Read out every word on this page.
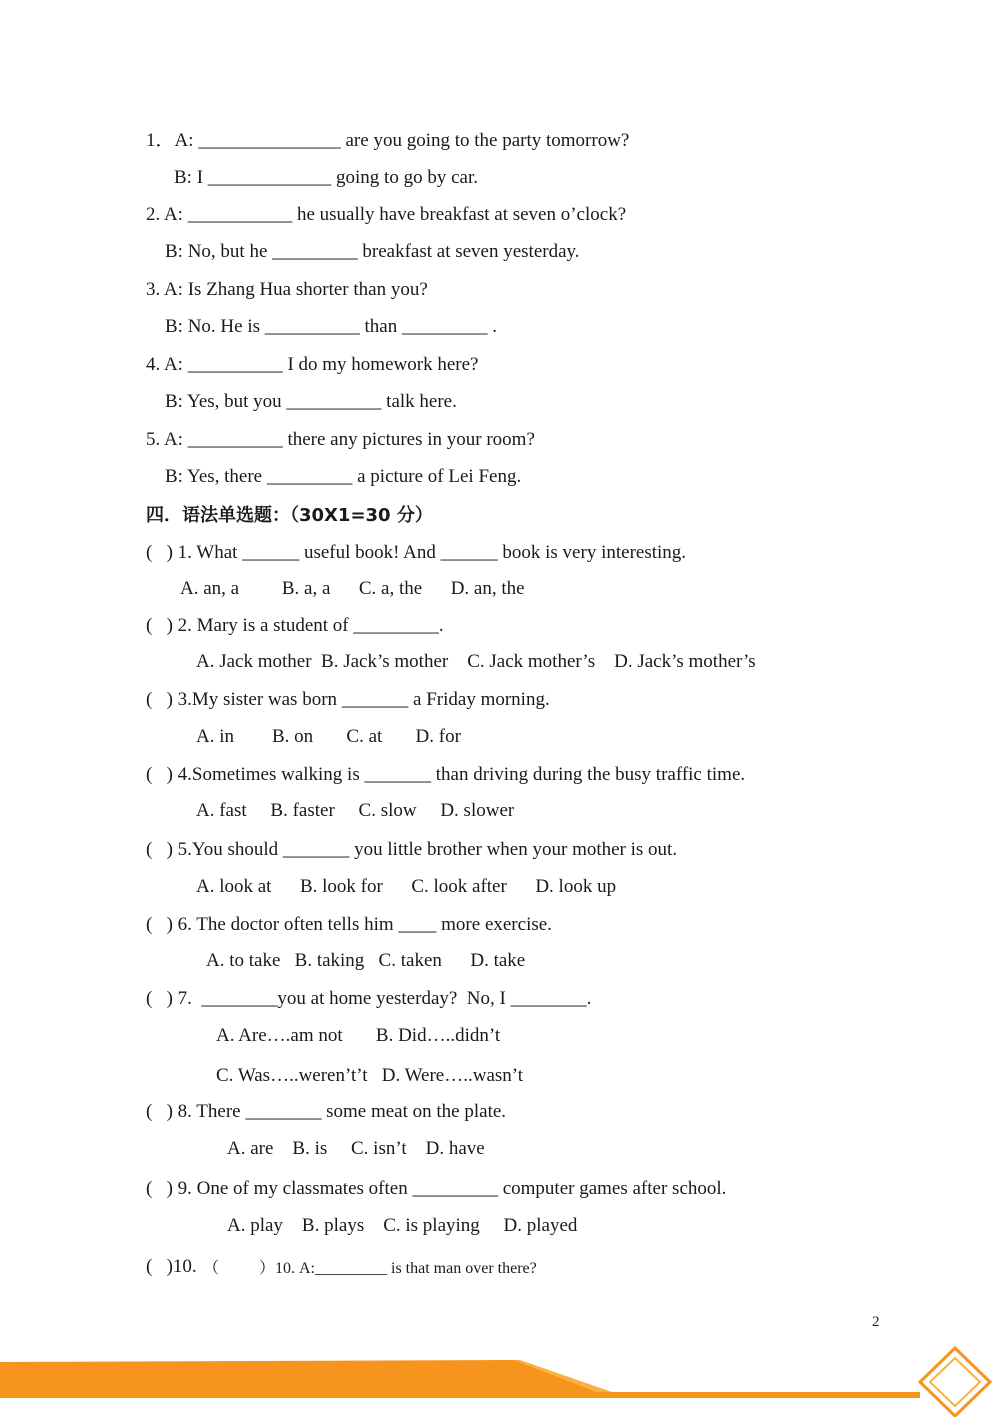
1．A: _______________ are you going to the party tomorrow?

B: I _____________ going to go by car.

2. A: ___________ he usually have breakfast at seven o’clock?

B: No, but he _________ breakfast at seven yesterday.

3. A: Is Zhang Hua shorter than you?

B: No. He is __________ than _________ .

4. A: __________ I do my homework here?

B: Yes, but you __________ talk here.

5. A: __________ there any pictures in your room?

B: Yes, there _________ a picture of Lei Feng.

四．语法单选题：（30X1=30 分）

(   ) 1. What ______ useful book! And ______ book is very interesting.

A. an, a         B. a, a      C. a, the      D. an, the

(   ) 2. Mary is a student of _________.

A. Jack mother  B. Jack’s mother    C. Jack mother’s    D. Jack’s mother’s

(   ) 3.My sister was born _______ a Friday morning.

A. in        B. on       C. at       D. for

(   ) 4.Sometimes walking is _______ than driving during the busy traffic time.

A. fast     B. faster     C. slow     D. slower

(   ) 5.You should _______ you little brother when your mother is out.

A. look at      B. look for      C. look after      D. look up

(   ) 6. The doctor often tells him ____ more exercise.

A. to take   B. taking   C. taken      D. take

(   ) 7.  ________you at home yesterday?  No, I ________.

A. Are….am not       B. Did…..didn’t

C. Was…..weren’t’t   D. Were…..wasn’t

(   ) 8. There ________ some meat on the plate.

A. are    B. is     C. isn’t    D. have

(   ) 9. One of my classmates often _________ computer games after school.

A. play    B. plays    C. is playing     D. played

(   )10. （          ）10. A:_________ is that man over there?

2
